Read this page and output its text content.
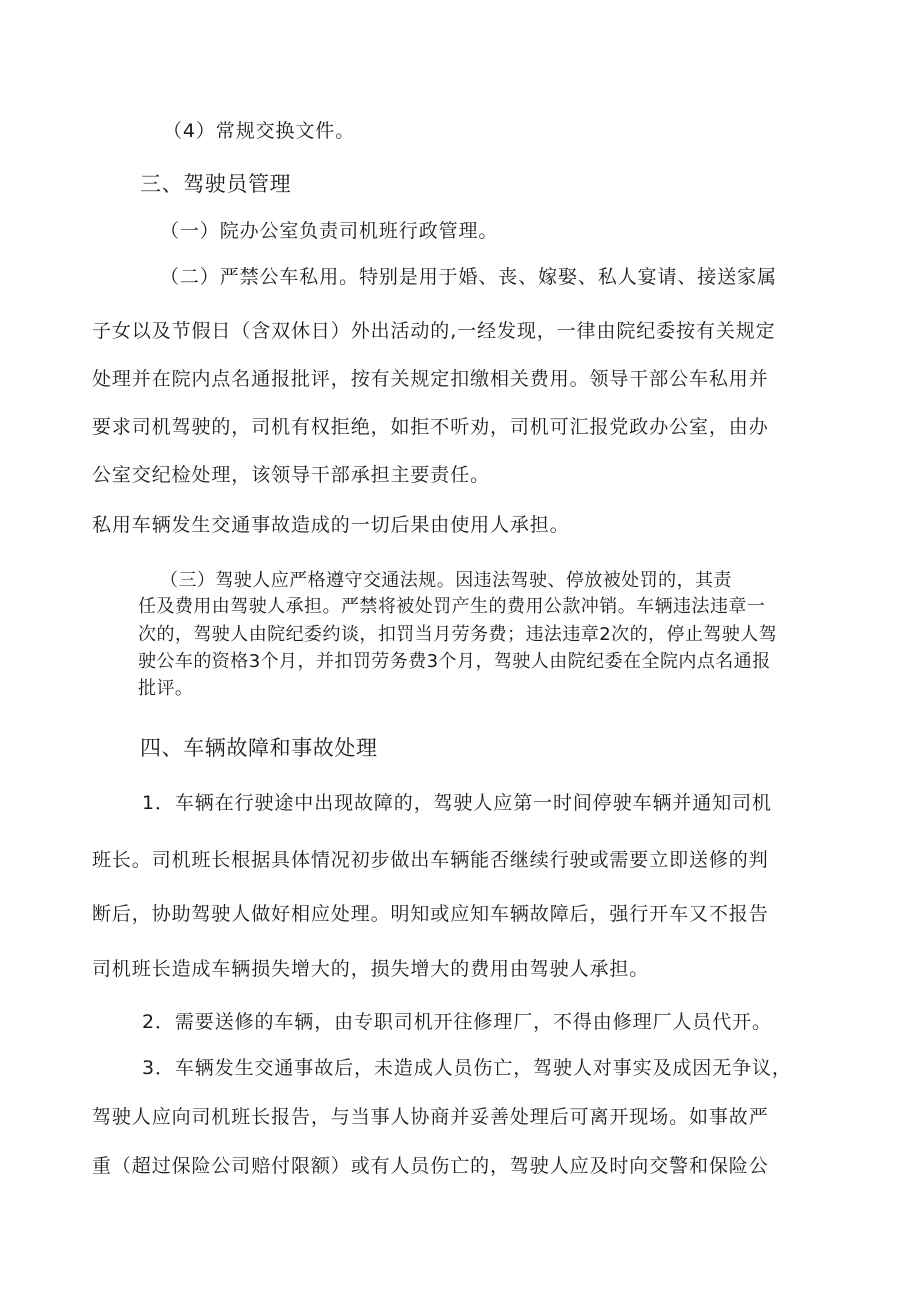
（4）常规交换文件。
三、驾驶员管理
（一）院办公室负责司机班行政管理。
（二）严禁公车私用。特别是用于婚、丧、嫁娶、私人宴请、接送家属
子女以及节假日（含双休日）外出活动的,一经发现，一律由院纪委按有关规定
处理并在院内点名通报批评，按有关规定扣缴相关费用。领导干部公车私用并
要求司机驾驶的，司机有权拒绝，如拒不听劝，司机可汇报党政办公室，由办
公室交纪检处理，该领导干部承担主要责任。
私用车辆发生交通事故造成的一切后果由使用人承担。
（三）驾驶人应严格遵守交通法规。因违法驾驶、停放被处罚的，其责
任及费用由驾驶人承担。严禁将被处罚产生的费用公款冲销。车辆违法违章一
次的，驾驶人由院纪委约谈，扣罚当月劳务费；违法违章2次的，停止驾驶人驾
驶公车的资格3个月，并扣罚劳务费3个月，驾驶人由院纪委在全院内点名通报
批评。
四、车辆故障和事故处理
1．车辆在行驶途中出现故障的，驾驶人应第一时间停驶车辆并通知司机
班长。司机班长根据具体情况初步做出车辆能否继续行驶或需要立即送修的判
断后，协助驾驶人做好相应处理。明知或应知车辆故障后，强行开车又不报告
司机班长造成车辆损失增大的，损失增大的费用由驾驶人承担。
2．需要送修的车辆，由专职司机开往修理厂，不得由修理厂人员代开。
3．车辆发生交通事故后，未造成人员伤亡，驾驶人对事实及成因无争议，
驾驶人应向司机班长报告，与当事人协商并妥善处理后可离开现场。如事故严
重（超过保险公司赔付限额）或有人员伤亡的，驾驶人应及时向交警和保险公
